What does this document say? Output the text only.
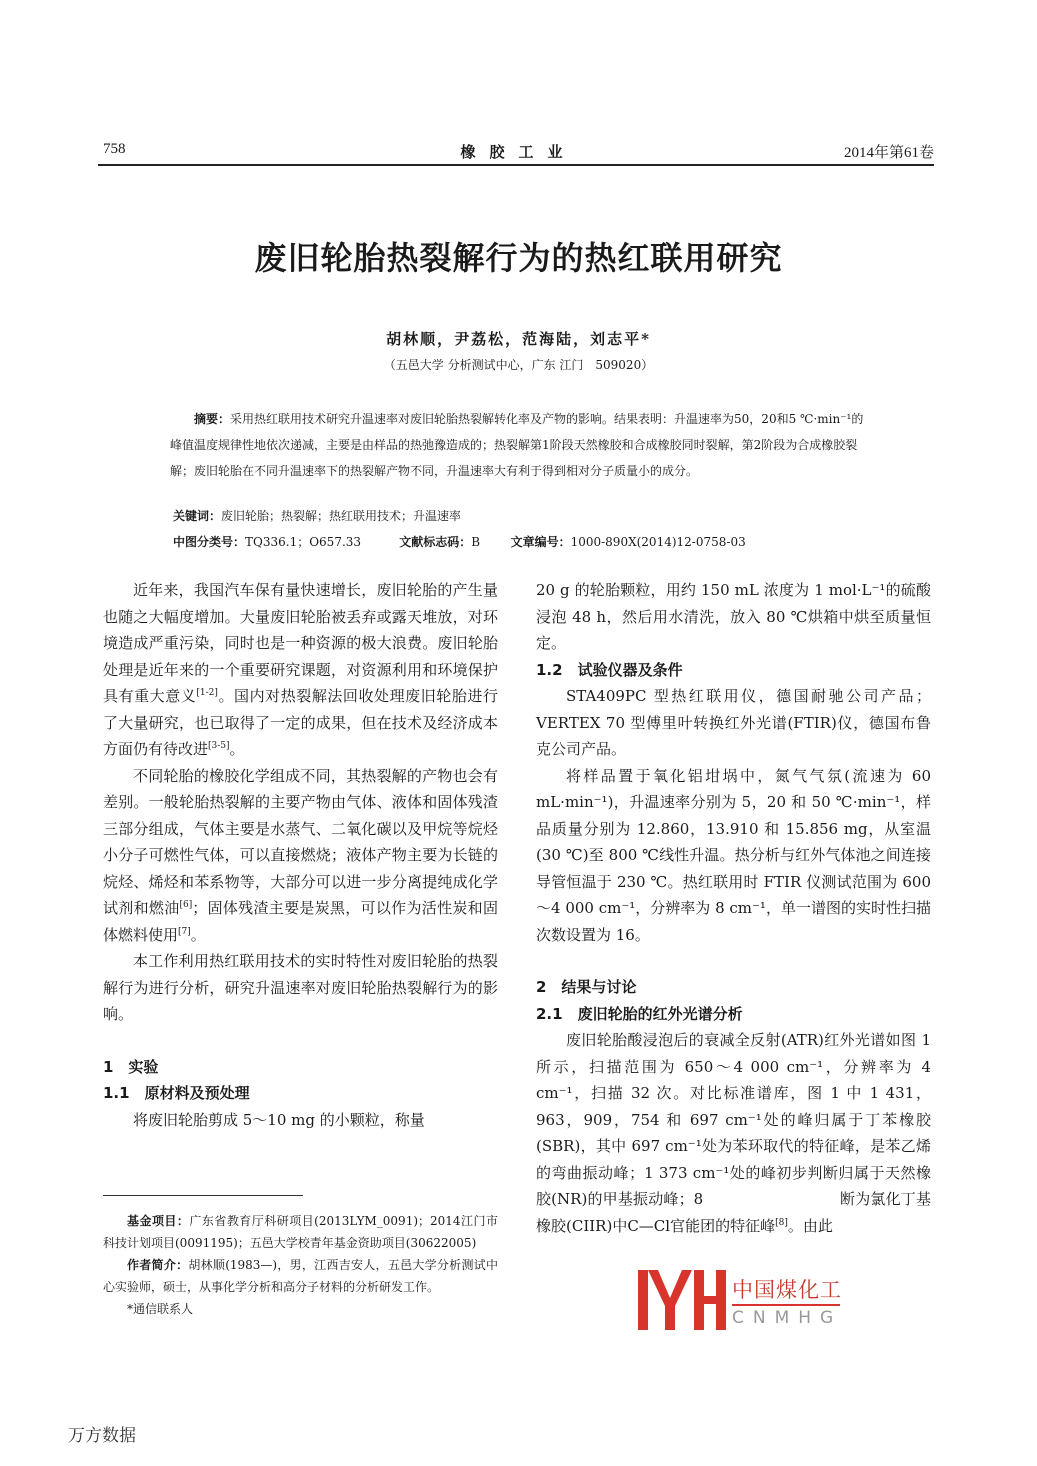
758	橡胶工业	2014年第61卷
废旧轮胎热裂解行为的热红联用研究
胡林顺，尹荔松，范海陆，刘志平*
（五邑大学 分析测试中心，广东 江门　509020）
　　摘要：采用热红联用技术研究升温速率对废旧轮胎热裂解转化率及产物的影响。结果表明：升温速率为50，20和5 ℃·min⁻¹的峰值温度规律性地依次递减，主要是由样品的热弛豫造成的；热裂解第1阶段天然橡胶和合成橡胶同时裂解，第2阶段为合成橡胶裂解；废旧轮胎在不同升温速率下的热裂解产物不同，升温速率大有利于得到相对分子质量小的成分。
关键词：废旧轮胎；热裂解；热红联用技术；升温速率
中图分类号：TQ336.1；O657.33	文献标志码：B	文章编号：1000-890X(2014)12-0758-03

近年来，我国汽车保有量快速增长，废旧轮胎的产生量也随之大幅度增加。大量废旧轮胎被丢弃或露天堆放，对环境造成严重污染，同时也是一种资源的极大浪费。废旧轮胎处理是近年来的一个重要研究课题，对资源利用和环境保护具有重大意义[1-2]。国内对热裂解法回收处理废旧轮胎进行了大量研究，也已取得了一定的成果，但在技术及经济成本方面仍有待改进[3-5]。

不同轮胎的橡胶化学组成不同，其热裂解的产物也会有差别。一般轮胎热裂解的主要产物由气体、液体和固体残渣三部分组成，气体主要是水蒸气、二氧化碳以及甲烷等烷烃小分子可燃性气体，可以直接燃烧；液体产物主要为长链的烷烃、烯烃和苯系物等，大部分可以进一步分离提纯成化学试剂和燃油[6]；固体残渣主要是炭黑，可以作为活性炭和固体燃料使用[7]。

本工作利用热红联用技术的实时特性对废旧轮胎的热裂解行为进行分析，研究升温速率对废旧轮胎热裂解行为的影响。

1　实验

1.1　原材料及预处理

将废旧轮胎剪成 5～10 mg 的小颗粒，称量

基金项目：广东省教育厅科研项目(2013LYM_0091)；2014江门市科技计划项目(0091195)；五邑大学校青年基金资助项目(30622005)

作者简介：胡林顺(1983—)，男，江西吉安人，五邑大学分析测试中心实验师，硕士，从事化学分析和高分子材料的分析研发工作。

*通信联系人

20 g 的轮胎颗粒，用约 150 mL 浓度为 1 mol·L⁻¹的硫酸浸泡 48 h，然后用水清洗，放入 80 ℃烘箱中烘至质量恒定。

1.2　试验仪器及条件

STA409PC 型热红联用仪，德国耐驰公司产品；VERTEX 70 型傅里叶转换红外光谱(FTIR)仪，德国布鲁克公司产品。

将样品置于氧化铝坩埚中，氮气气氛(流速为 60 mL·min⁻¹)，升温速率分别为 5，20 和 50 ℃·min⁻¹，样品质量分别为 12.860，13.910 和 15.856 mg，从室温(30 ℃)至 800 ℃线性升温。热分析与红外气体池之间连接导管恒温于 230 ℃。热红联用时 FTIR 仪测试范围为 600～4 000 cm⁻¹，分辨率为 8 cm⁻¹，单一谱图的实时性扫描次数设置为 16。

2　结果与讨论

2.1　废旧轮胎的红外光谱分析

废旧轮胎酸浸泡后的衰减全反射(ATR)红外光谱如图 1 所示，扫描范围为 650～4 000 cm⁻¹，分辨率为 4 cm⁻¹，扫描 32 次。对比标准谱库，图 1 中 1 431，963，909，754 和 697 cm⁻¹处的峰归属于丁苯橡胶(SBR)，其中 697 cm⁻¹处为苯环取代的特征峰，是苯乙烯的弯曲振动峰；1 373 cm⁻¹处的峰初步判断归属于天然橡胶(NR)的甲基振动峰；8　　　　　　　　　	断为氯化丁基橡胶(CIIR)中C—Cl官能团的特征峰[8]。由此

中国煤化工
CNMHG
万方数据
